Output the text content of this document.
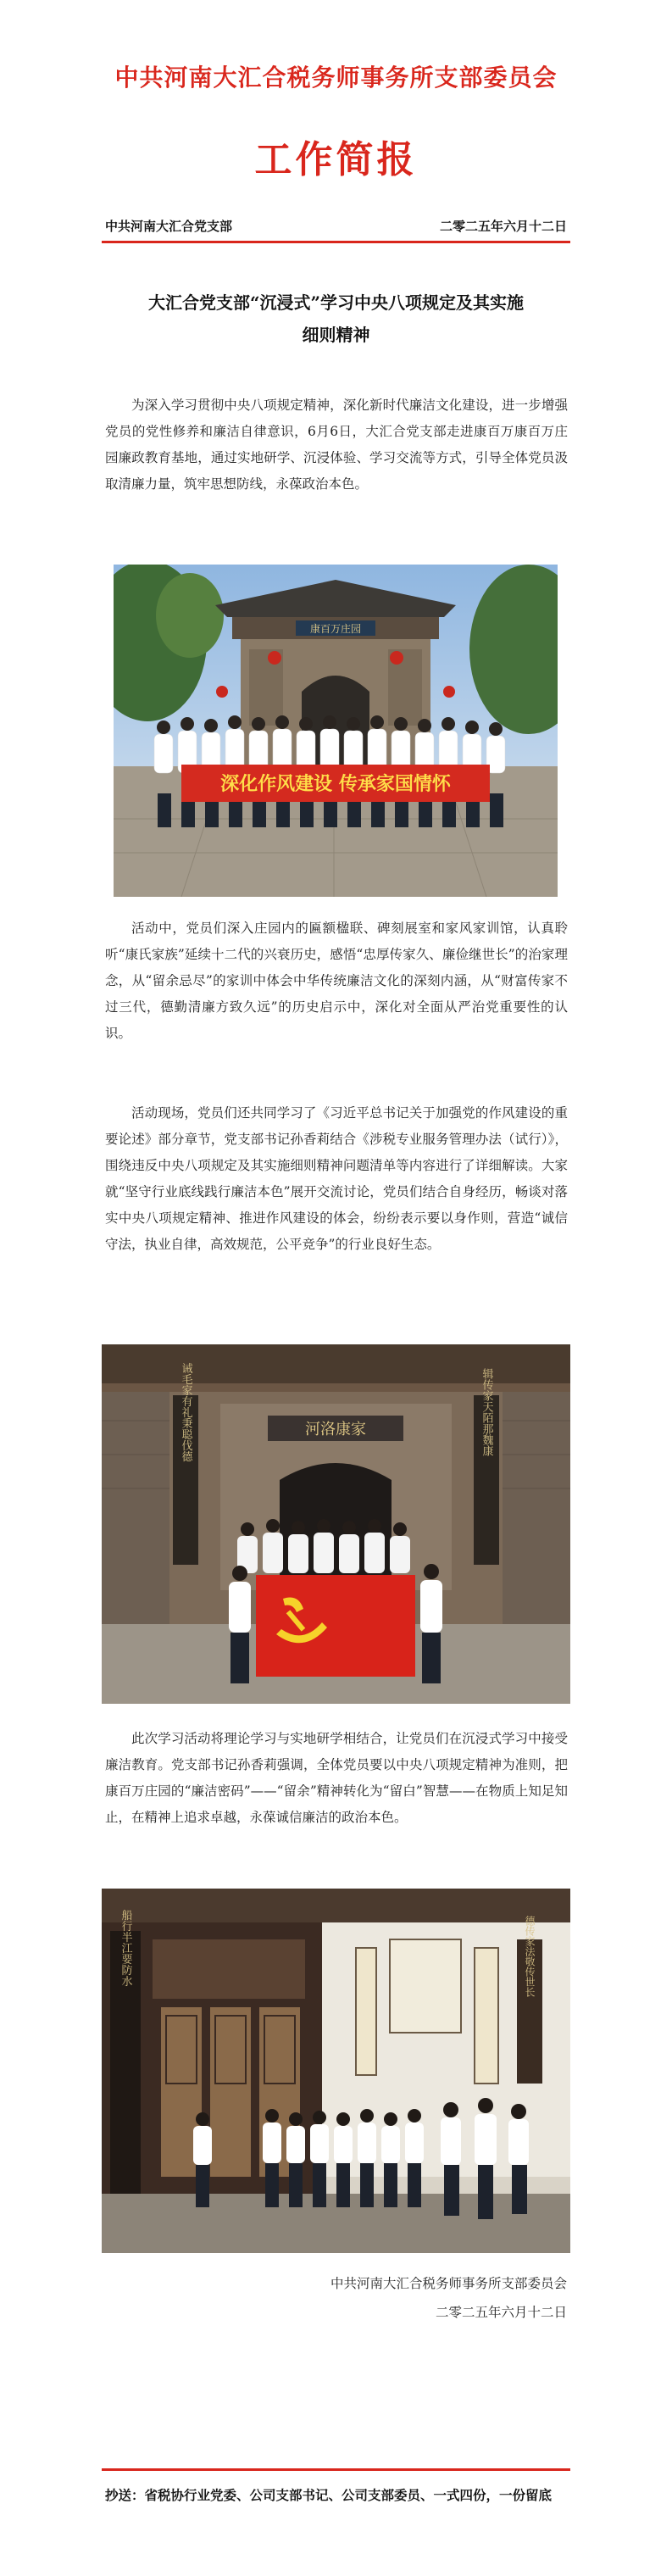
中共河南大汇合税务师事务所支部委员会
工作简报
中共河南大汇合党支部	二零二五年六月十二日
大汇合党支部“沉浸式”学习中央八项规定及其实施
细则精神

为深入学习贯彻中央八项规定精神，深化新时代廉洁文化建设，进一步增强党员的党性修养和廉洁自律意识，6月6日，大汇合党支部走进康百万康百万庄园廉政教育基地，通过实地研学、沉浸体验、学习交流等方式，引导全体党员汲取清廉力量，筑牢思想防线，永葆政治本色。

康百万庄园
深化作风建设 传承家国情怀

活动中，党员们深入庄园内的匾额楹联、碑刻展室和家风家训馆，认真聆听“康氏家族”延续十二代的兴衰历史，感悟“忠厚传家久、廉俭继世长”的治家理念，从“留余忌尽”的家训中体会中华传统廉洁文化的深刻内涵，从“财富传家不过三代，德勤清廉方致久远”的历史启示中，深化对全面从严治党重要性的认识。

活动现场，党员们还共同学习了《习近平总书记关于加强党的作风建设的重要论述》部分章节，党支部书记孙香莉结合《涉税专业服务管理办法（试行）》，围绕违反中央八项规定及其实施细则精神问题清单等内容进行了详细解读。大家就“坚守行业底线践行廉洁本色”展开交流讨论，党员们结合自身经历，畅谈对落实中央八项规定精神、推进作风建设的体会，纷纷表示要以身作则，营造“诚信守法，执业自律，高效规范，公平竞争”的行业良好生态。

诫毛家有礼秉聪伐德	辑传家天陌那魏康
河洛康家

此次学习活动将理论学习与实地研学相结合，让党员们在沉浸式学习中接受廉洁教育。党支部书记孙香莉强调，全体党员要以中央八项规定精神为准则，把康百万庄园的“廉洁密码”——“留余”精神转化为“留白”智慧——在物质上知足知止，在精神上追求卓越，永葆诚信廉洁的政治本色。

船行半江要防水	德传家法敬传世长
中共河南大汇合税务师事务所支部委员会
二零二五年六月十二日
抄送：省税协行业党委、公司支部书记、公司支部委员、一式四份，一份留底
